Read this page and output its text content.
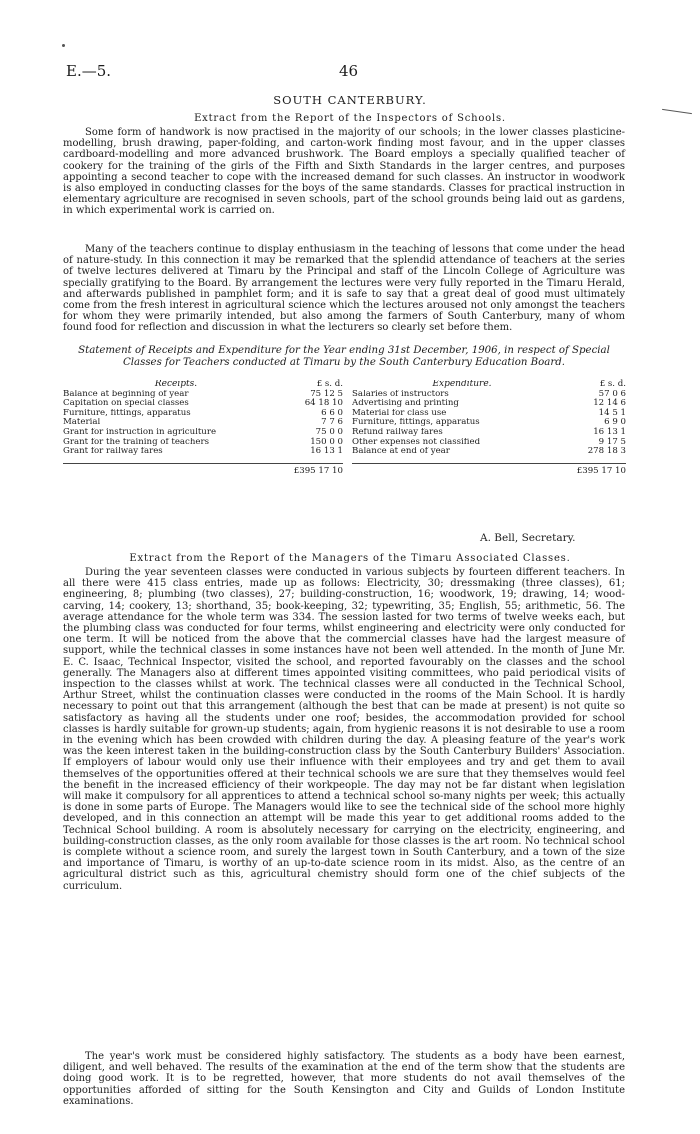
E.—5.	46
SOUTH CANTERBURY.
Extract from the Report of the Inspectors of Schools.

Some form of handwork is now practised in the majority of our schools; in the lower classes plasticine-modelling, brush drawing, paper-folding, and carton-work finding most favour, and in the upper classes cardboard-modelling and more advanced brushwork. The Board employs a specially qualified teacher of cookery for the training of the girls of the Fifth and Sixth Standards in the larger centres, and purposes appointing a second teacher to cope with the increased demand for such classes. An instructor in woodwork is also employed in conducting classes for the boys of the same standards. Classes for practical instruction in elementary agriculture are recognised in seven schools, part of the school grounds being laid out as gardens, in which experimental work is carried on.

Many of the teachers continue to display enthusiasm in the teaching of lessons that come under the head of nature-study. In this connection it may be remarked that the splendid attendance of teachers at the series of twelve lectures delivered at Timaru by the Principal and staff of the Lincoln College of Agriculture was specially gratifying to the Board. By arrangement the lectures were very fully reported in the Timaru Herald, and afterwards published in pamphlet form; and it is safe to say that a great deal of good must ultimately come from the fresh interest in agricultural science which the lectures aroused not only amongst the teachers for whom they were primarily intended, but also among the farmers of South Canterbury, many of whom found food for reflection and discussion in what the lecturers so clearly set before them.

Statement of Receipts and Expenditure for the Year ending 31st December, 1906, in respect of Special Classes for Teachers conducted at Timaru by the South Canterbury Education Board.

Receipts.	£ s. d.
Balance at beginning of year	75 12 5
Capitation on special classes	64 18 10
Furniture, fittings, apparatus	6 6 0
Material	7 7 6
Grant for instruction in agriculture	75 0 0
Grant for the training of teachers	150 0 0
Grant for railway fares	16 13 1
£395 17 10
Expenditure.	£ s. d.
Salaries of instructors	57 0 6
Advertising and printing	12 14 6
Material for class use	14 5 1
Furniture, fittings, apparatus	6 9 0
Refund railway fares	16 13 1
Other expenses not classified	9 17 5
Balance at end of year	278 18 3
£395 17 10
A. Bell, Secretary.
Extract from the Report of the Managers of the Timaru Associated Classes.

During the year seventeen classes were conducted in various subjects by fourteen different teachers. In all there were 415 class entries, made up as follows: Electricity, 30; dressmaking (three classes), 61; engineering, 8; plumbing (two classes), 27; building-construction, 16; woodwork, 19; drawing, 14; wood-carving, 14; cookery, 13; shorthand, 35; book-keeping, 32; typewriting, 35; English, 55; arithmetic, 56. The average attendance for the whole term was 334. The session lasted for two terms of twelve weeks each, but the plumbing class was conducted for four terms, whilst engineering and electricity were only conducted for one term. It will be noticed from the above that the commercial classes have had the largest measure of support, while the technical classes in some instances have not been well attended. In the month of June Mr. E. C. Isaac, Technical Inspector, visited the school, and reported favourably on the classes and the school generally. The Managers also at different times appointed visiting committees, who paid periodical visits of inspection to the classes whilst at work. The technical classes were all conducted in the Technical School, Arthur Street, whilst the continuation classes were conducted in the rooms of the Main School. It is hardly necessary to point out that this arrangement (although the best that can be made at present) is not quite so satisfactory as having all the students under one roof; besides, the accommodation provided for school classes is hardly suitable for grown-up students; again, from hygienic reasons it is not desirable to use a room in the evening which has been crowded with children during the day. A pleasing feature of the year's work was the keen interest taken in the building-construction class by the South Canterbury Builders' Association. If employers of labour would only use their influence with their employees and try and get them to avail themselves of the opportunities offered at their technical schools we are sure that they themselves would feel the benefit in the increased efficiency of their workpeople. The day may not be far distant when legislation will make it compulsory for all apprentices to attend a technical school so-many nights per week; this actually is done in some parts of Europe. The Managers would like to see the technical side of the school more highly developed, and in this connection an attempt will be made this year to get additional rooms added to the Technical School building. A room is absolutely necessary for carrying on the electricity, engineering, and building-construction classes, as the only room available for those classes is the art room. No technical school is complete without a science room, and surely the largest town in South Canterbury, and a town of the size and importance of Timaru, is worthy of an up-to-date science room in its midst. Also, as the centre of an agricultural district such as this, agricultural chemistry should form one of the chief subjects of the curriculum.

The year's work must be considered highly satisfactory. The students as a body have been earnest, diligent, and well behaved. The results of the examination at the end of the term show that the students are doing good work. It is to be regretted, however, that more students do not avail themselves of the opportunities afforded of sitting for the South Kensington and City and Guilds of London Institute examinations.
